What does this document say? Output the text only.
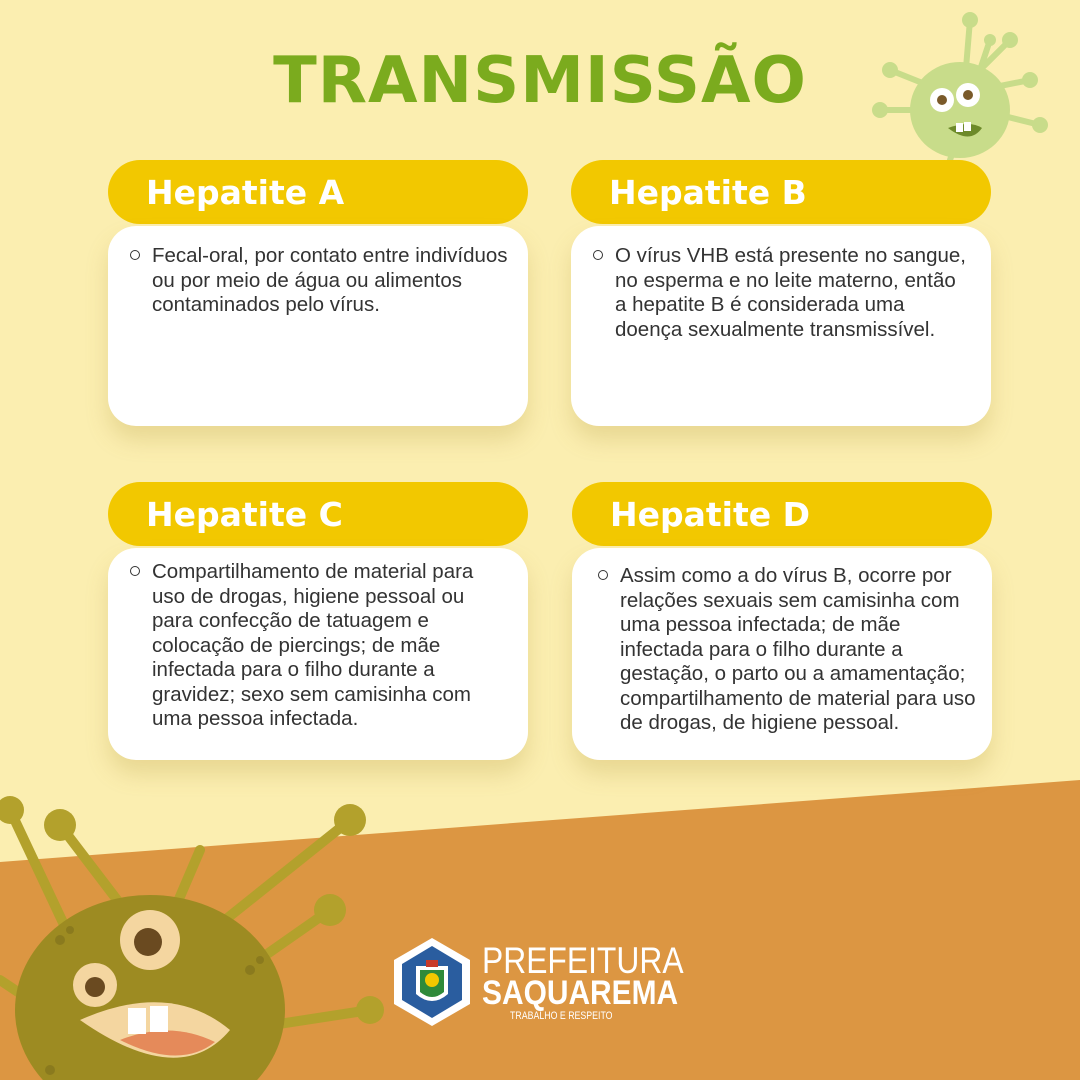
TRANSMISSÃO
Hepatite A

Fecal-oral, por contato entre indivíduos ou por meio de água ou alimentos contaminados pelo vírus.

Hepatite B

O vírus VHB está presente no sangue, no esperma e no leite materno, então a hepatite B é considerada uma doença sexualmente transmissível.

Hepatite C

Compartilhamento de material para uso de drogas, higiene pessoal ou para confecção de tatuagem e colocação de piercings; de mãe infectada para o filho durante a gravidez; sexo sem camisinha com uma pessoa infectada.

Hepatite D

Assim como a do vírus B, ocorre por relações sexuais sem camisinha com uma pessoa infectada; de mãe infectada para o filho durante a gestação, o parto ou a amamentação; compartilhamento de material para uso de drogas, de higiene pessoal.

PREFEITURA
SAQUAREMA
TRABALHO E RESPEITO
